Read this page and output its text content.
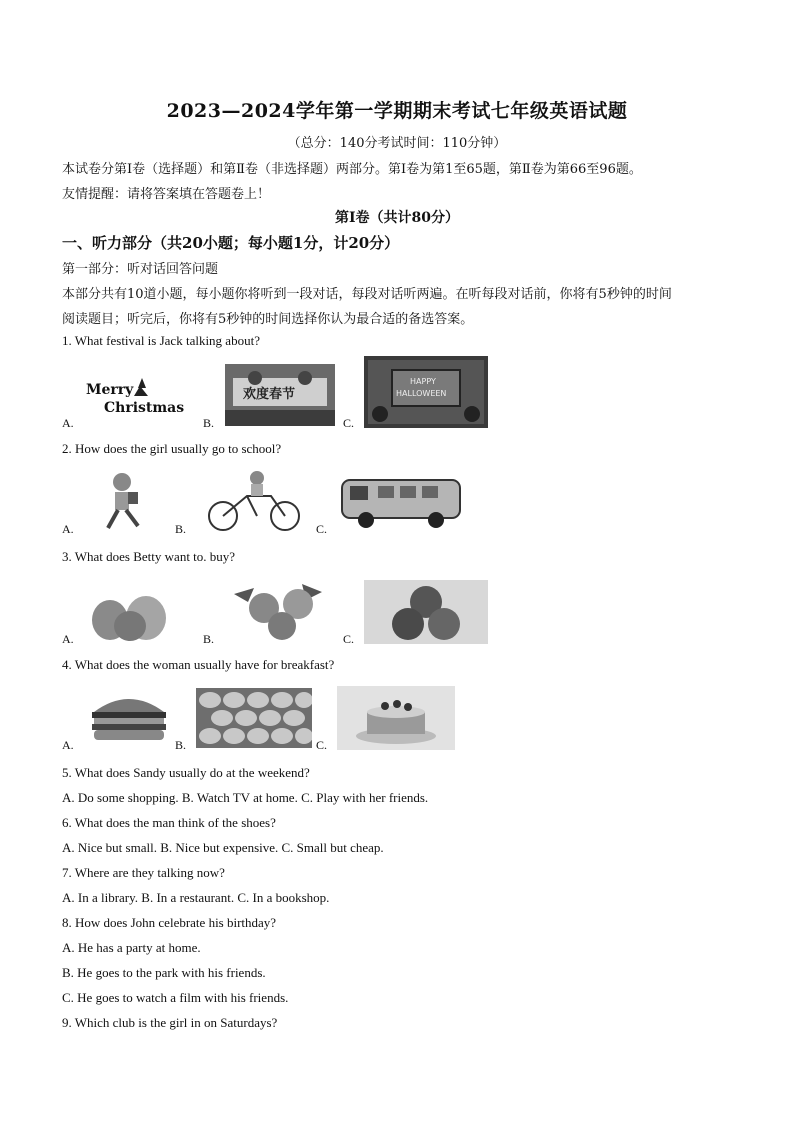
2023—2024学年第一学期期末考试七年级英语试题
（总分：140分考试时间：110分钟）
本试卷分第Ⅰ卷（选择题）和第Ⅱ卷（非选择题）两部分。第Ⅰ卷为第1至65题，第Ⅱ卷为第66至96题。
友情提醒：请将答案填在答题卷上！
第Ⅰ卷（共计80分）
一、听力部分（共20小题；每小题1分，计20分）
第一部分：听对话回答问题
本部分共有10道小题，每小题你将听到一段对话，每段对话听两遍。在听每段对话前，你将有5秒钟的时间
阅读题目；听完后，你将有5秒钟的时间选择你认为最合适的备选答案。
1. What festival is Jack talking about?
A.
Merry
Christmas
B.
欢度春节
C.
HAPPY
HALLOWEEN
2. How does the girl usually go to school?
A.	B.	C.
3. What does Betty want to. buy?
A.	B.	C.
4. What does the woman usually have for breakfast?
A.	B.	C.
5. What does Sandy usually do at the weekend?
A. Do some shopping. B. Watch TV at home. C. Play with her friends.
6. What does the man think of the shoes?
A. Nice but small. B. Nice but expensive. C. Small but cheap.
7. Where are they talking now?
A. In a library. B. In a restaurant. C. In a bookshop.
8. How does John celebrate his birthday?
A. He has a party at home.
B. He goes to the park with his friends.
C. He goes to watch a film with his friends.
9. Which club is the girl in on Saturdays?
